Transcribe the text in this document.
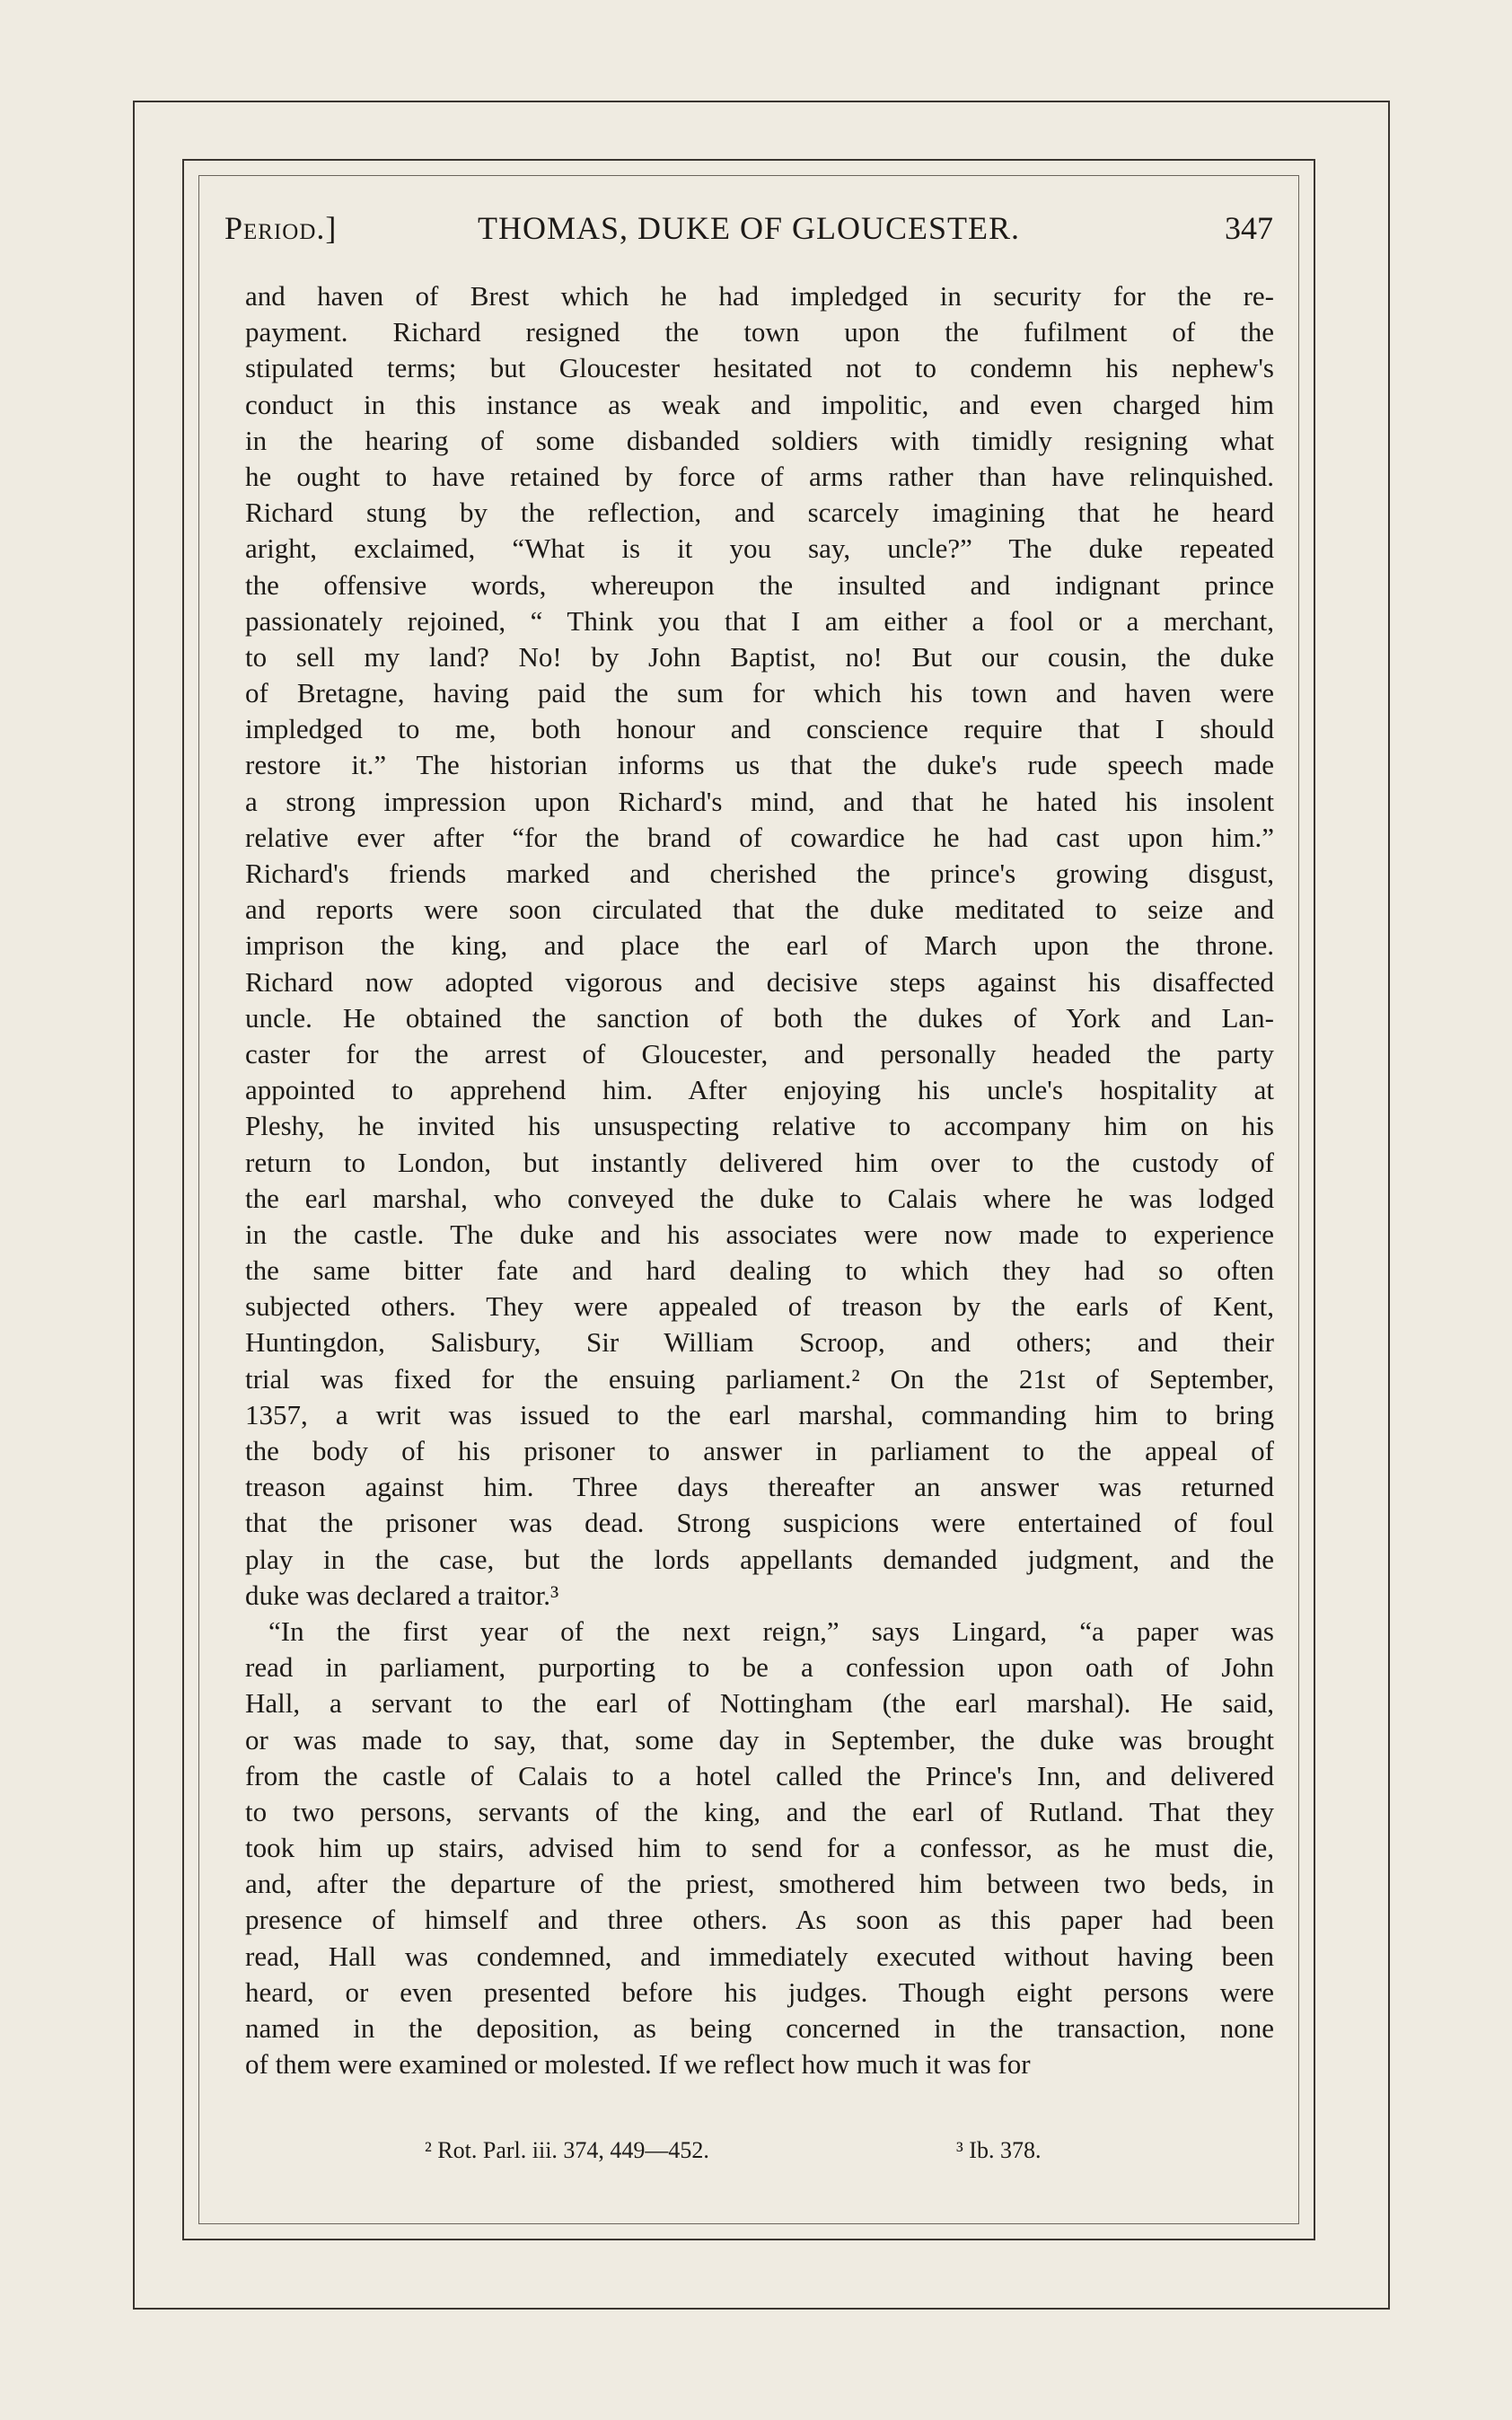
Period.]	THOMAS, DUKE OF GLOUCESTER.	347
and haven of Brest which he had impledged in security for the re-
payment. Richard resigned the town upon the fufilment of the
stipulated terms; but Gloucester hesitated not to condemn his nephew's
conduct in this instance as weak and impolitic, and even charged him
in the hearing of some disbanded soldiers with timidly resigning what
he ought to have retained by force of arms rather than have relinquished.
Richard stung by the reflection, and scarcely imagining that he heard
aright, exclaimed, “What is it you say, uncle?” The duke repeated
the offensive words, whereupon the insulted and indignant prince
passionately rejoined, “ Think you that I am either a fool or a merchant,
to sell my land? No! by John Baptist, no! But our cousin, the duke
of Bretagne, having paid the sum for which his town and haven were
impledged to me, both honour and conscience require that I should
restore it.” The historian informs us that the duke's rude speech made
a strong impression upon Richard's mind, and that he hated his insolent
relative ever after “for the brand of cowardice he had cast upon him.”
Richard's friends marked and cherished the prince's growing disgust,
and reports were soon circulated that the duke meditated to seize and
imprison the king, and place the earl of March upon the throne.
Richard now adopted vigorous and decisive steps against his disaffected
uncle. He obtained the sanction of both the dukes of York and Lan-
caster for the arrest of Gloucester, and personally headed the party
appointed to apprehend him. After enjoying his uncle's hospitality at
Pleshy, he invited his unsuspecting relative to accompany him on his
return to London, but instantly delivered him over to the custody of
the earl marshal, who conveyed the duke to Calais where he was lodged
in the castle. The duke and his associates were now made to experience
the same bitter fate and hard dealing to which they had so often
subjected others. They were appealed of treason by the earls of Kent,
Huntingdon, Salisbury, Sir William Scroop, and others; and their
trial was fixed for the ensuing parliament.² On the 21st of September,
1357, a writ was issued to the earl marshal, commanding him to bring
the body of his prisoner to answer in parliament to the appeal of
treason against him. Three days thereafter an answer was returned
that the prisoner was dead. Strong suspicions were entertained of foul
play in the case, but the lords appellants demanded judgment, and the
duke was declared a traitor.³
“In the first year of the next reign,” says Lingard, “a paper was
read in parliament, purporting to be a confession upon oath of John
Hall, a servant to the earl of Nottingham (the earl marshal). He said,
or was made to say, that, some day in September, the duke was brought
from the castle of Calais to a hotel called the Prince's Inn, and delivered
to two persons, servants of the king, and the earl of Rutland. That they
took him up stairs, advised him to send for a confessor, as he must die,
and, after the departure of the priest, smothered him between two beds, in
presence of himself and three others. As soon as this paper had been
read, Hall was condemned, and immediately executed without having been
heard, or even presented before his judges. Though eight persons were
named in the deposition, as being concerned in the transaction, none
of them were examined or molested. If we reflect how much it was for
² Rot. Parl. iii. 374, 449—452.	³ Ib. 378.
